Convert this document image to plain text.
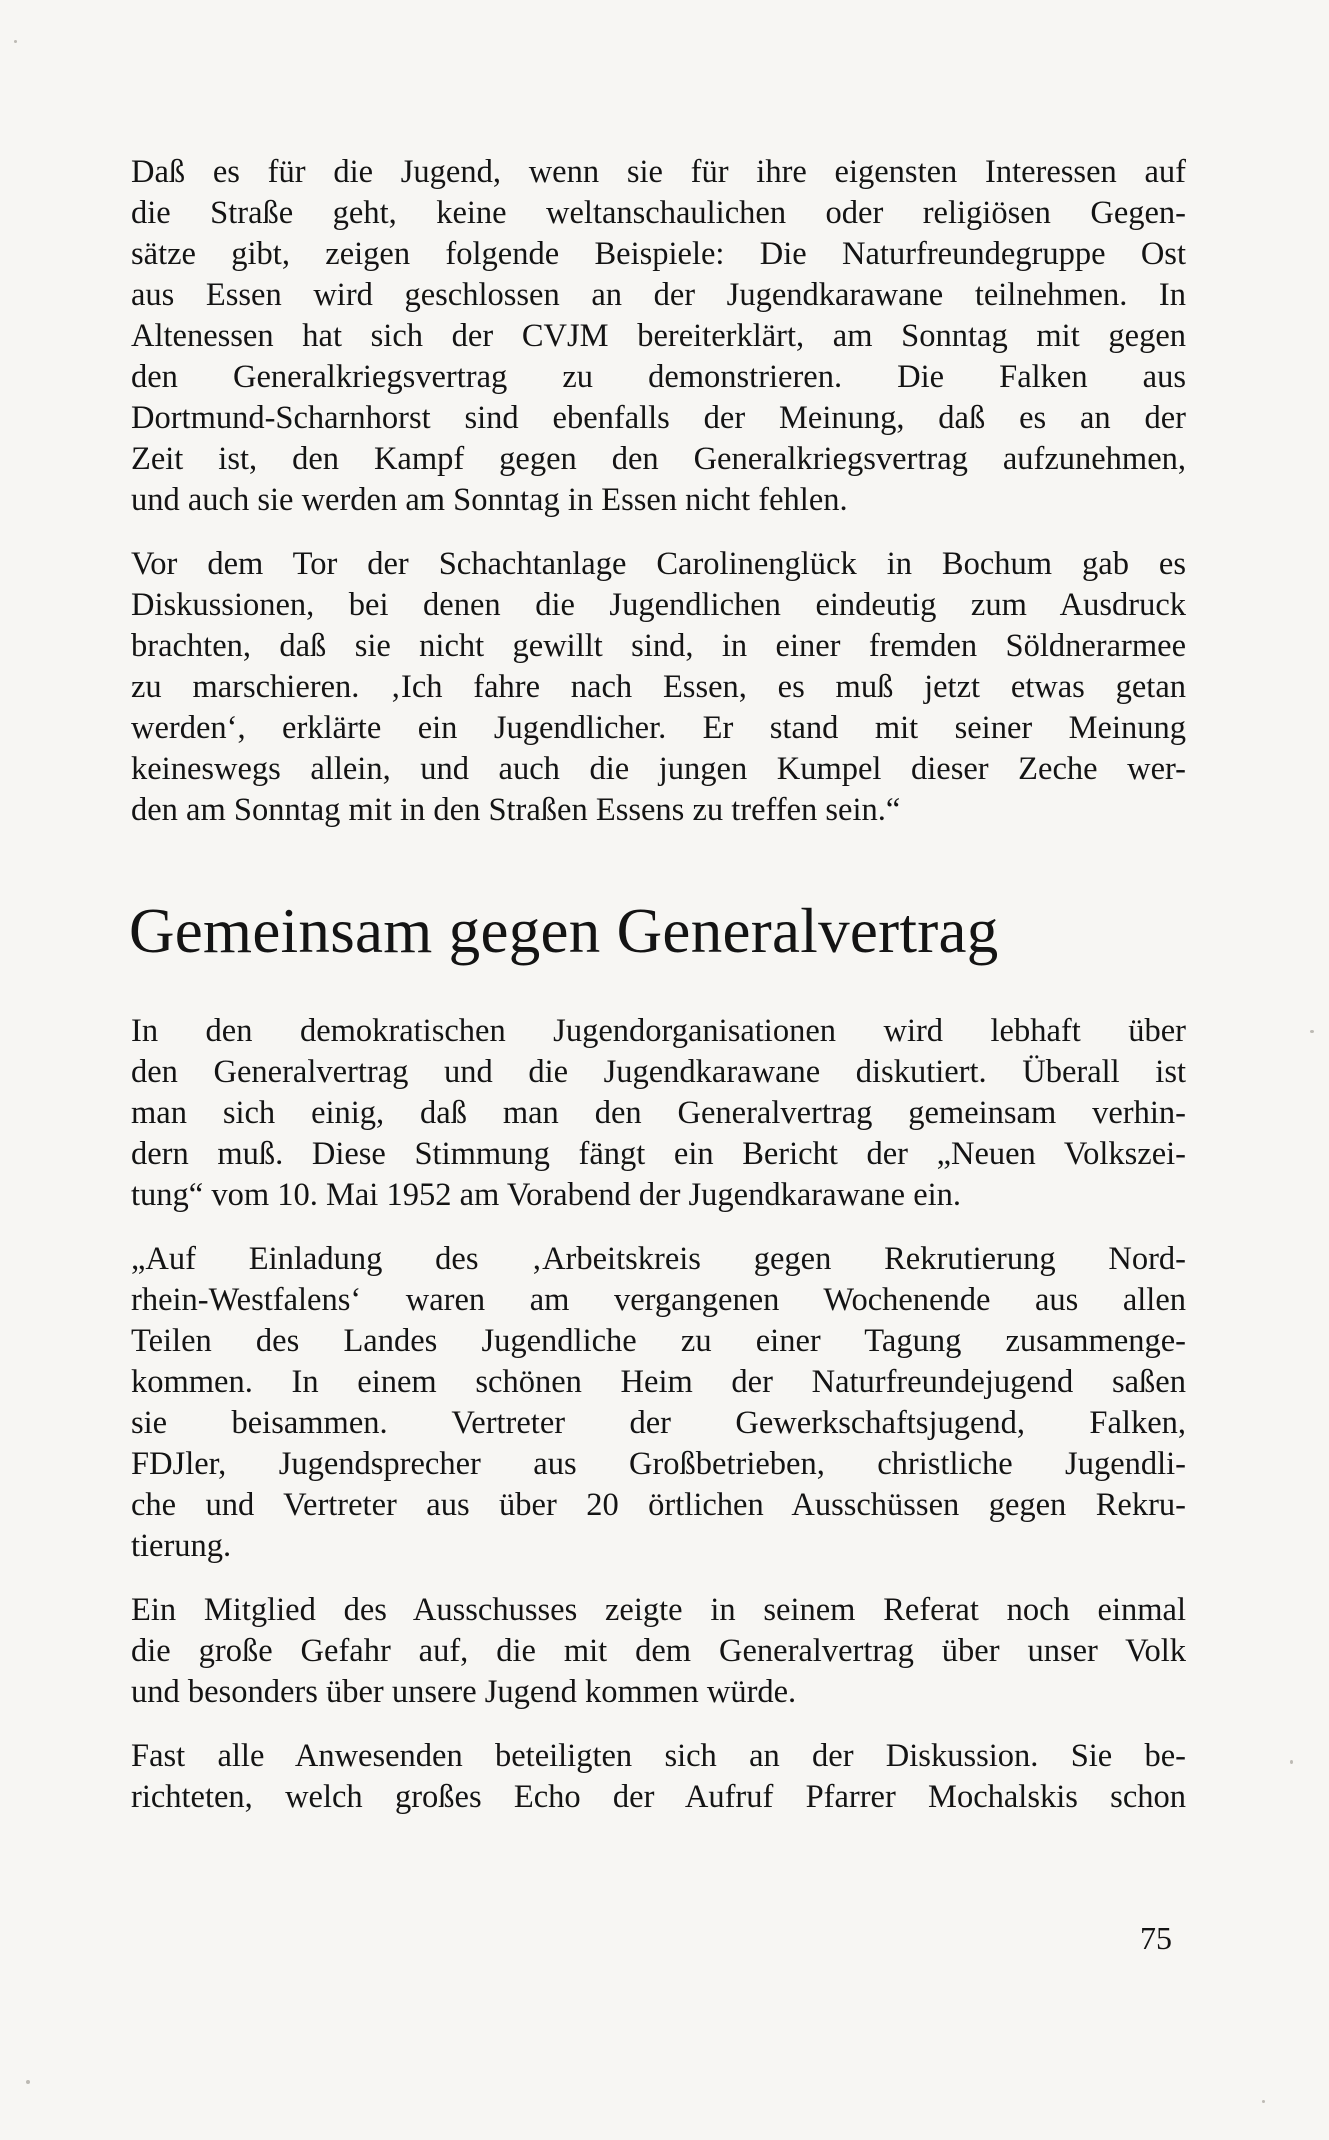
Daß es für die Jugend, wenn sie für ihre eigensten Interessen auf
die Straße geht, keine weltanschaulichen oder religiösen Gegen-
sätze gibt, zeigen folgende Beispiele: Die Naturfreundegruppe Ost
aus Essen wird geschlossen an der Jugendkarawane teilnehmen. In
Altenessen hat sich der CVJM bereiterklärt, am Sonntag mit gegen
den Generalkriegsvertrag zu demonstrieren. Die Falken aus
Dortmund-Scharnhorst sind ebenfalls der Meinung, daß es an der
Zeit ist, den Kampf gegen den Generalkriegsvertrag aufzunehmen,
und auch sie werden am Sonntag in Essen nicht fehlen.

Vor dem Tor der Schachtanlage Carolinenglück in Bochum gab es
Diskussionen, bei denen die Jugendlichen eindeutig zum Ausdruck
brachten, daß sie nicht gewillt sind, in einer fremden Söldnerarmee
zu marschieren. ‚Ich fahre nach Essen, es muß jetzt etwas getan
werden‘, erklärte ein Jugendlicher. Er stand mit seiner Meinung
keineswegs allein, und auch die jungen Kumpel dieser Zeche wer-
den am Sonntag mit in den Straßen Essens zu treffen sein.“

Gemeinsam gegen Generalvertrag

In den demokratischen Jugendorganisationen wird lebhaft über
den Generalvertrag und die Jugendkarawane diskutiert. Überall ist
man sich einig, daß man den Generalvertrag gemeinsam verhin-
dern muß. Diese Stimmung fängt ein Bericht der „Neuen Volkszei-
tung“ vom 10. Mai 1952 am Vorabend der Jugendkarawane ein.

„Auf Einladung des ‚Arbeitskreis gegen Rekrutierung Nord-
rhein-Westfalens‘ waren am vergangenen Wochenende aus allen
Teilen des Landes Jugendliche zu einer Tagung zusammenge-
kommen. In einem schönen Heim der Naturfreundejugend saßen
sie beisammen. Vertreter der Gewerkschaftsjugend, Falken,
FDJler, Jugendsprecher aus Großbetrieben, christliche Jugendli-
che und Vertreter aus über 20 örtlichen Ausschüssen gegen Rekru-
tierung.

Ein Mitglied des Ausschusses zeigte in seinem Referat noch einmal
die große Gefahr auf, die mit dem Generalvertrag über unser Volk
und besonders über unsere Jugend kommen würde.

Fast alle Anwesenden beteiligten sich an der Diskussion. Sie be-
richteten, welch großes Echo der Aufruf Pfarrer Mochalskis schon

75
